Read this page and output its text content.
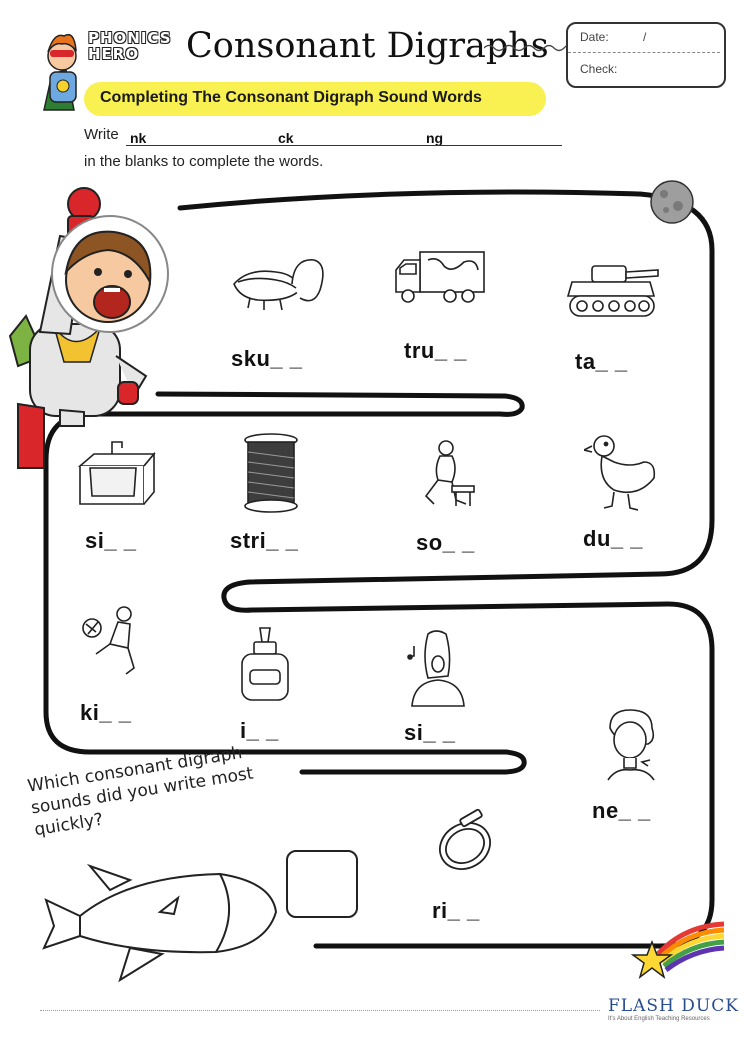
PHONICS
HERO	Consonant Digraphs
Completing The Consonant Digraph Sound Words
Date:	/
Check:
Write nk	ck	ng
in the blanks to complete the words.
sku_ _	tru_ _	ta_ _
si_ _	stri_ _	so_ _	du_ _
ki_ _
i_ _	si_ _
ne_ _
ri_ _
Which consonant digraph sounds did you write most quickly?
FLASH DUCK
It's About English Teaching Resources
